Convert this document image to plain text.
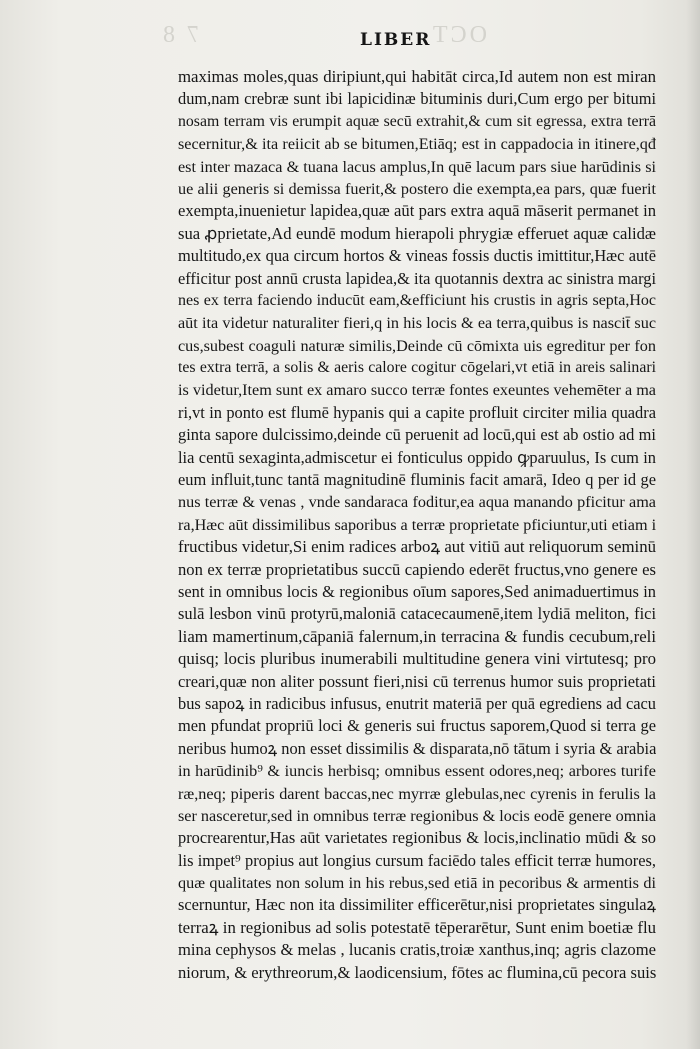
7 8	OCT
LIBER
maximas moles,quas diripiunt,qui habitāt circa,Id autem non est miran
dum,nam crebræ sunt ibi lapicidinæ bituminis duri,Cum ergo per bitumi
nosam terram vis erumpit aquæ secū extrahit,& cum sit egressa, extra terrā
secernitur,& ita reiicit ab se bitumen,Etiāq; est in cappadocia in itinere,qđ
est inter mazaca & tuana lacus amplus,In quē lacum pars siue harūdinis si
ue alii generis si demissa fuerit,& postero die exempta,ea pars, quæ fuerit
exempta,inuenietur lapidea,quæ aūt pars extra aquā māserit permanet in
sua ꝓprietate,Ad eundē modum hierapoli phrygiæ efferuet aquæ calidæ
multitudo,ex qua circum hortos & vineas fossis ductis imittitur,Hæc autē
efficitur post annū crusta lapidea,& ita quotannis dextra ac sinistra margi
nes ex terra faciendo inducūt eam,&efficiunt his crustis in agris septa,Hoc
aūt ita videtur naturaliter fieri,q in his locis & ea terra,quibus is nascit̄ suc
cus,subest coaguli naturæ similis,Deinde cū cōmixta uis egreditur per fon
tes extra terrā, a solis & aeris calore cogitur cōgelari,vt etiā in areis salinari
is videtur,Item sunt ex amaro succo terræ fontes exeuntes vehemēter a ma
ri,vt in ponto est flumē hypanis qui a capite profluit circiter milia quadra
ginta sapore dulcissimo,deinde cū peruenit ad locū,qui est ab ostio ad mi
lia centū sexaginta,admiscetur ei fonticulus oppido ꝙparuulus, Is cum in
eum influit,tunc tantā magnitudinē fluminis facit amarā, Ideo q per id ge
nus terræ & venas , vnde sandaraca foditur,ea aqua manando pficitur ama
ra,Hæc aūt dissimilibus saporibus a terræ proprietate pficiuntur,uti etiam i
fructibus videtur,Si enim radices arboꝝ aut vitiū aut reliquorum seminū
non ex terræ proprietatibus succū capiendo ederēt fructus,vno genere es
sent in omnibus locis & regionibus oīum sapores,Sed animaduertimus in
sulā lesbon vinū protyrū,maloniā catacecaumenē,item lydiā meliton, fici
liam mamertinum,cāpaniā falernum,in terracina & fundis cecubum,reli
quisq; locis pluribus inumerabili multitudine genera vini virtutesq; pro
creari,quæ non aliter possunt fieri,nisi cū terrenus humor suis proprietati
bus sapoꝝ in radicibus infusus, enutrit materiā per quā egrediens ad cacu
men pfundat propriū loci & generis sui fructus saporem,Quod si terra ge
neribus humoꝝ non esset dissimilis & disparata,nō tātum i syria & arabia
in harūdinib⁹ & iuncis herbisq; omnibus essent odores,neq; arbores turife
ræ,neq; piperis darent baccas,nec myrræ glebulas,nec cyrenis in ferulis la
ser nasceretur,sed in omnibus terræ regionibus & locis eodē genere omnia
procrearentur,Has aūt varietates regionibus & locis,inclinatio mūdi & so
lis impet⁹ propius aut longius cursum faciēdo tales efficit terræ humores,
quæ qualitates non solum in his rebus,sed etiā in pecoribus & armentis di
scernuntur, Hæc non ita dissimiliter efficerētur,nisi proprietates singulaꝝ
terraꝝ in regionibus ad solis potestatē tēperarētur, Sunt enim boetiæ flu
mina cephysos & melas , lucanis cratis,troiæ xanthus,inq; agris clazome
niorum, & erythreorum,& laodicensium, fōtes ac flumina,cū pecora suis
